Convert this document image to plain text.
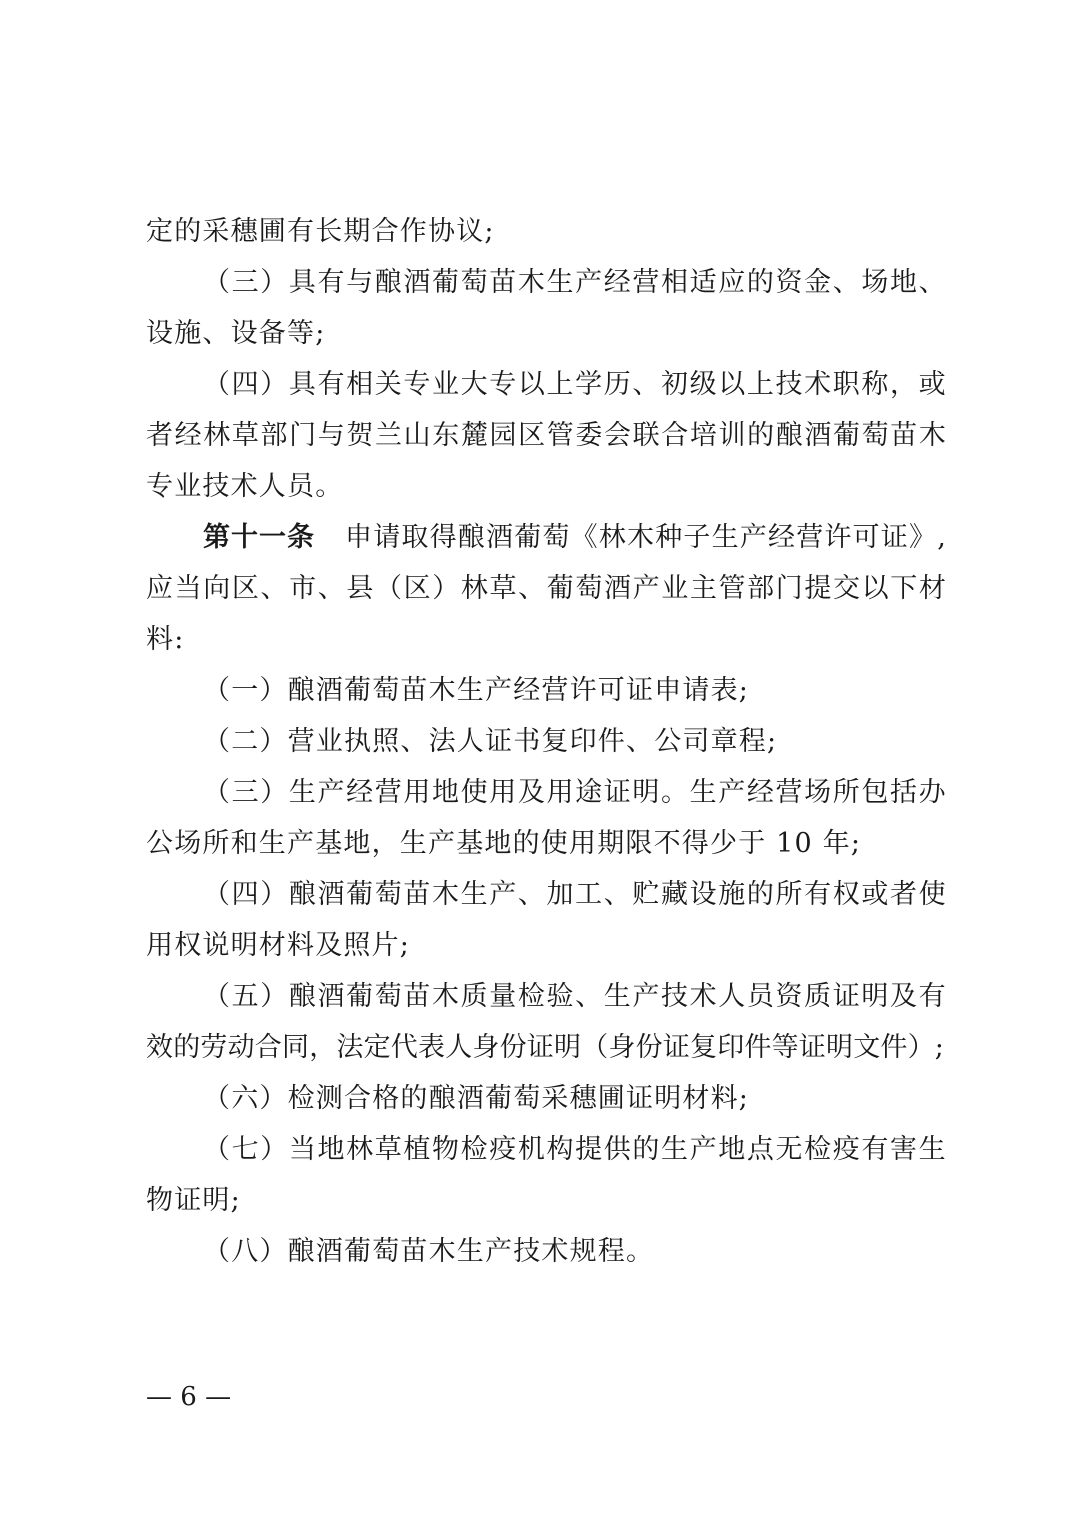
定的采穗圃有长期合作协议;
（ 三 ） 具 有 与 酿 酒 葡 萄 苗 木 生 产 经 营 相 适 应 的 资 金 、 场 地 、
设施、设备等;
（ 四 ） 具 有 相 关 专 业 大 专 以 上 学 历 、 初 级 以 上 技 术 职 称 ， 或
者 经 林 草 部 门 与 贺 兰 山 东 麓 园 区 管 委 会 联 合 培 训 的 酿 酒 葡 萄 苗 木
专业技术人员。
第十一条 申请取得酿酒葡萄《林木种子生产经营许可证》,
应 当 向 区 、 市 、 县 （ 区 ） 林 草 、 葡 萄 酒 产 业 主 管 部 门 提 交 以 下 材
料:
（一）酿酒葡萄苗木生产经营许可证申请表;
（二）营业执照、法人证书复印件、公司章程;
（ 三 ） 生 产 经 营 用 地 使 用 及 用 途 证 明 。 生 产 经 营 场 所 包 括 办
公场所和生产基地，生产基地的使用期限不得少于 10 年;
（ 四 ） 酿 酒 葡 萄 苗 木 生 产 、 加 工 、 贮 藏 设 施 的 所 有 权 或 者 使
用权说明材料及照片;
（ 五 ） 酿 酒 葡 萄 苗 木 质 量 检 验 、 生 产 技 术 人 员 资 质 证 明 及 有
效的劳动合同，法定代表人身份证明（身份证复印件等证明文件）;
（六）检测合格的酿酒葡萄采穗圃证明材料;
（ 七 ） 当 地 林 草 植 物 检 疫 机 构 提 供 的 生 产 地 点 无 检 疫 有 害 生
物证明;
（八）酿酒葡萄苗木生产技术规程。
— 6 —
